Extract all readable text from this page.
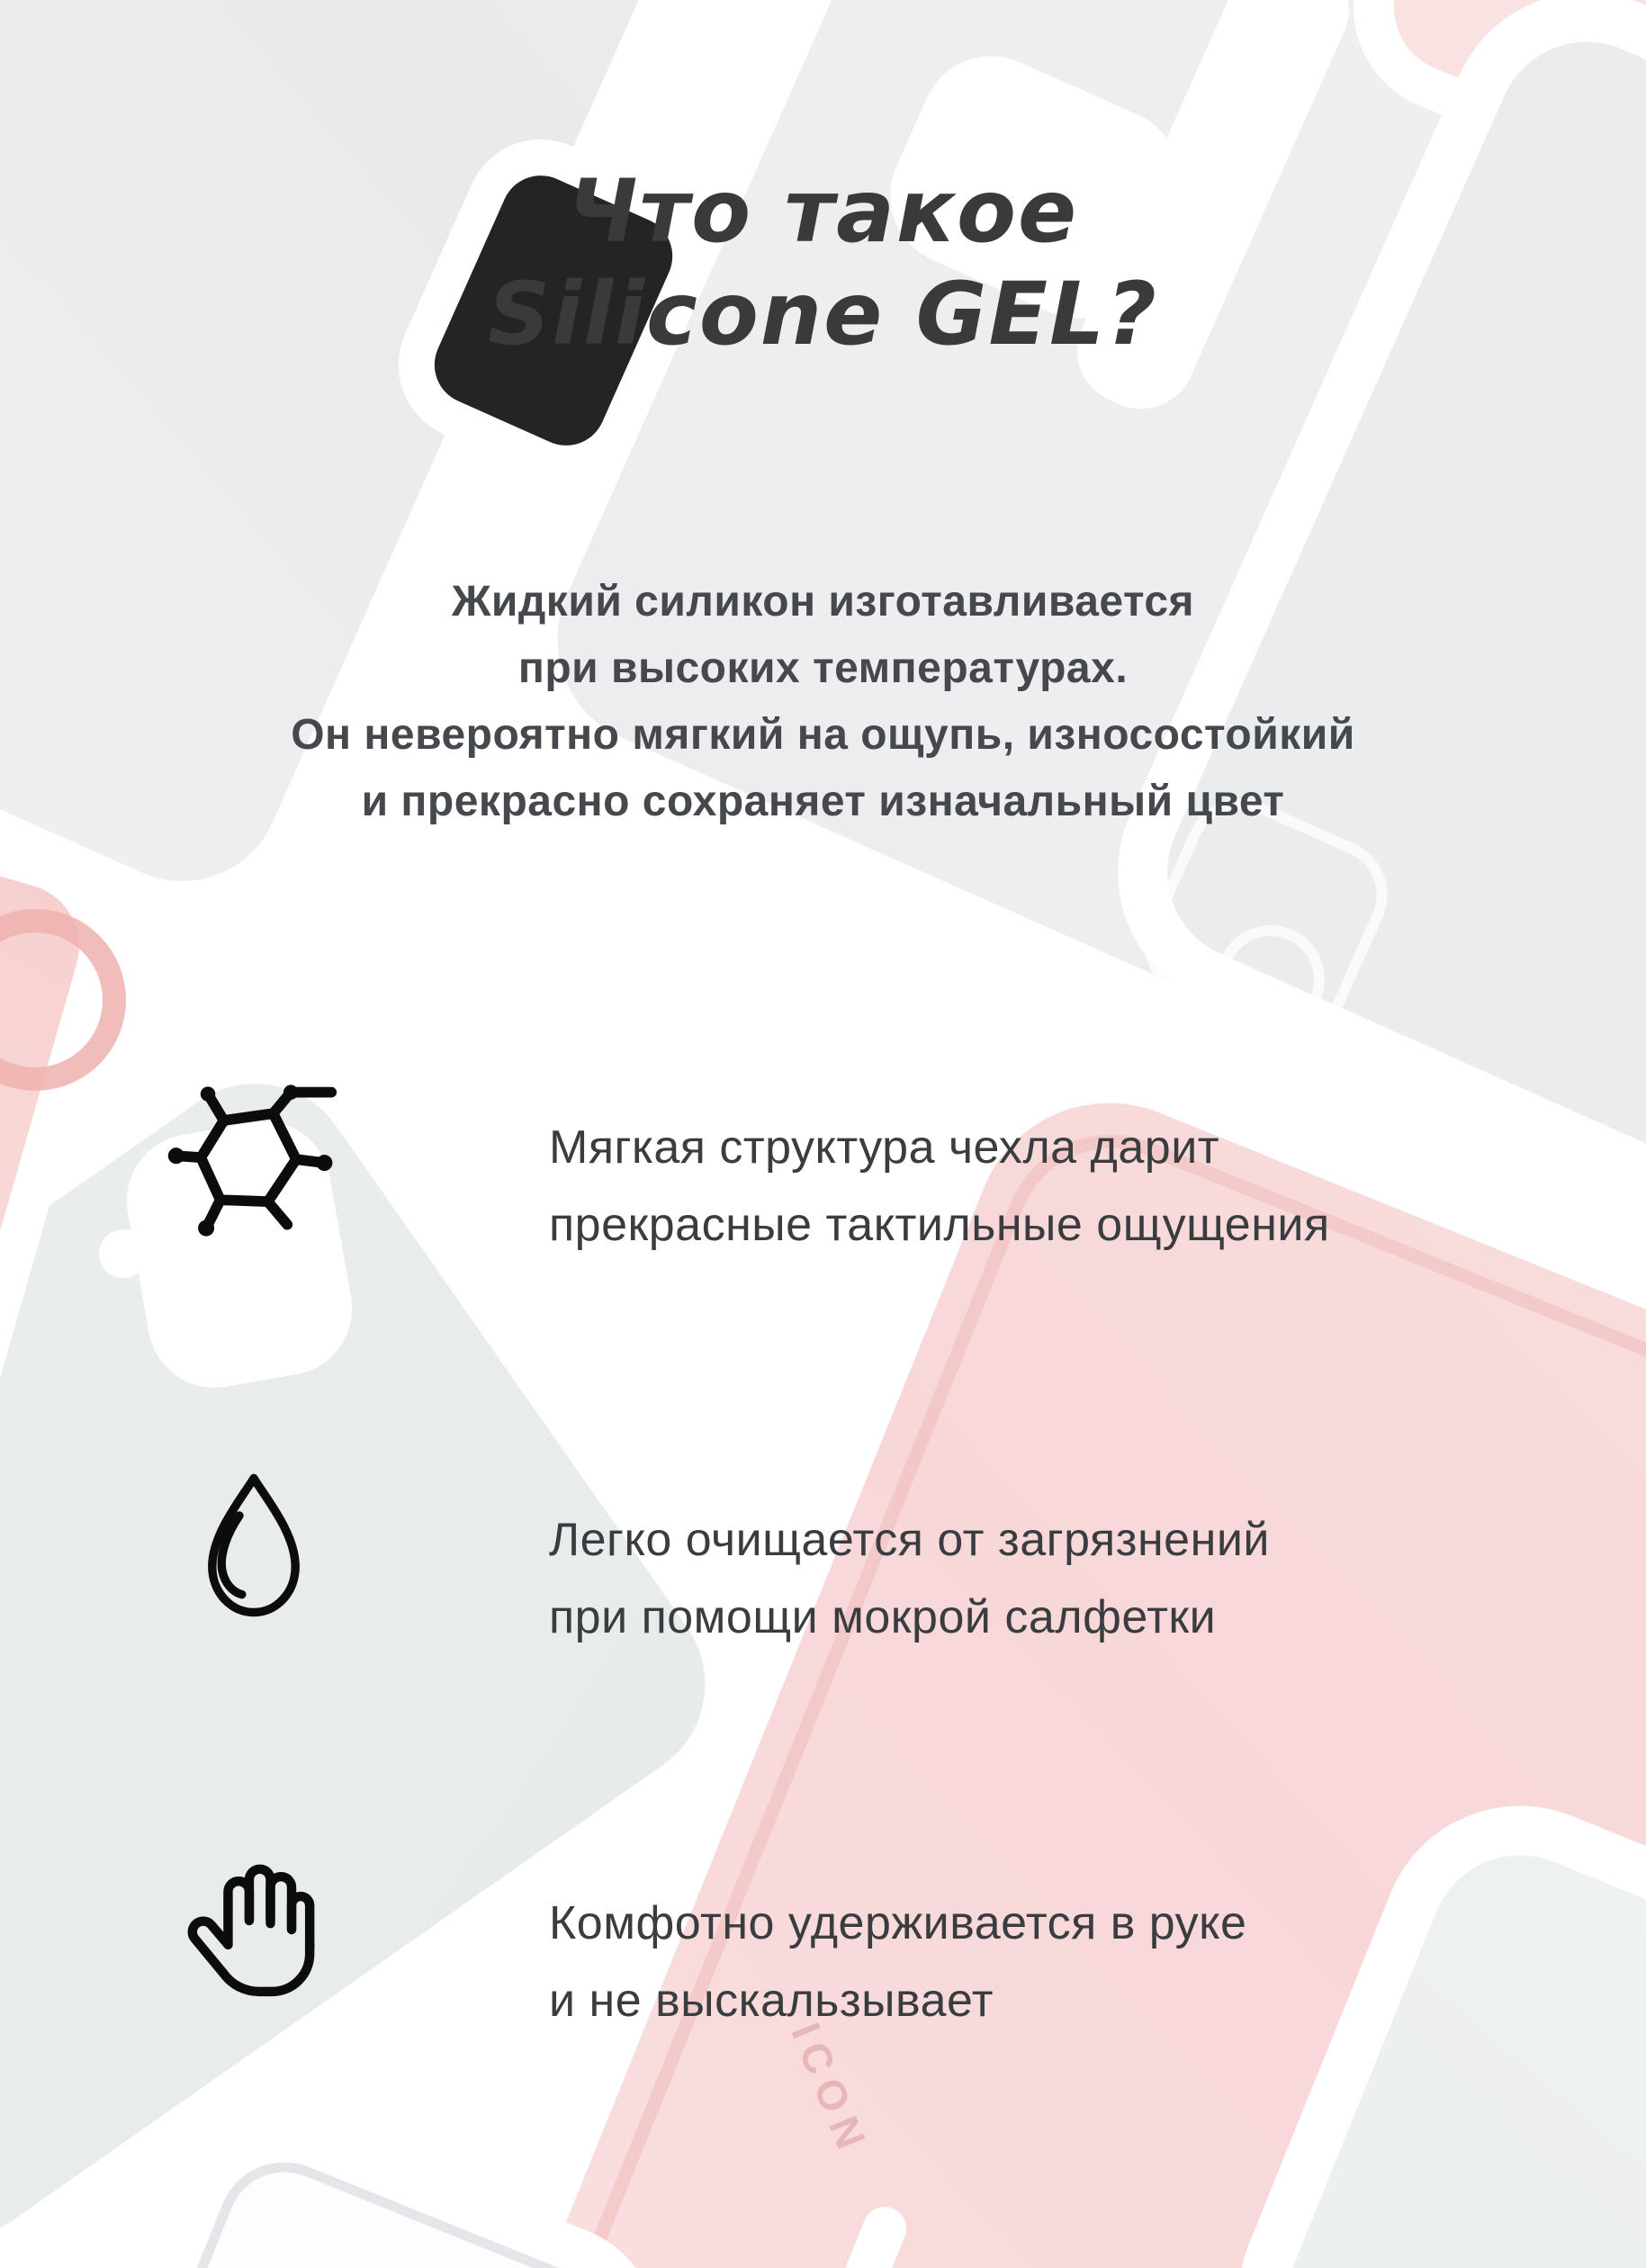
ICON
Что такое
Silicone GEL?
Жидкий силикон изготавливается
при высоких температурах.
Он невероятно мягкий на ощупь, износостойкий
и прекрасно сохраняет изначальный цвет
Мягкая структура чехла дарит
прекрасные тактильные ощущения
Легко очищается от загрязнений
при помощи мокрой салфетки
Комфотно удерживается в руке
и не выскальзывает
